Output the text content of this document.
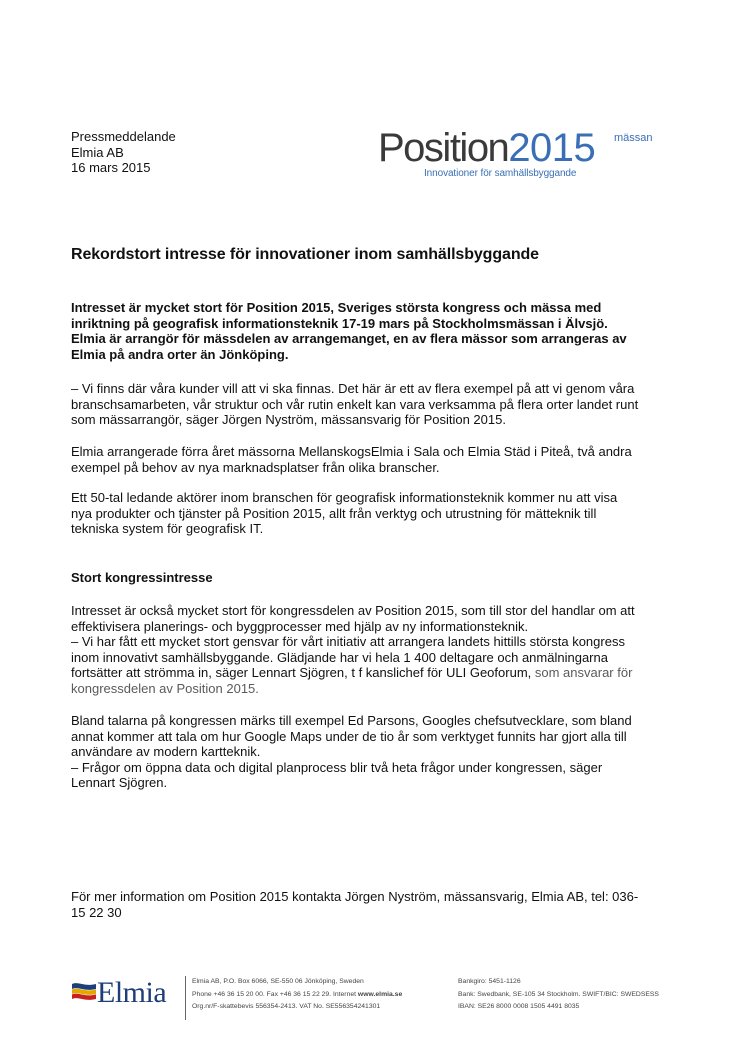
Pressmeddelande
Elmia AB
16 mars 2015	Position2015 mässan
Innovationer för samhällsbyggande
Rekordstort intresse för innovationer inom samhällsbyggande
Intresset är mycket stort för Position 2015, Sveriges största kongress och mässa med
inriktning på geografisk informationsteknik 17-19 mars på Stockholmsmässan i Älvsjö.
Elmia är arrangör för mässdelen av arrangemanget, en av flera mässor som arrangeras av
Elmia på andra orter än Jönköping.
– Vi finns där våra kunder vill att vi ska finnas. Det här är ett av flera exempel på att vi genom våra
branschsamarbeten, vår struktur och vår rutin enkelt kan vara verksamma på flera orter landet runt
som mässarrangör, säger Jörgen Nyström, mässansvarig för Position 2015.
Elmia arrangerade förra året mässorna MellanskogsElmia i Sala och Elmia Städ i Piteå, två andra
exempel på behov av nya marknadsplatser från olika branscher.
Ett 50-tal ledande aktörer inom branschen för geografisk informationsteknik kommer nu att visa
nya produkter och tjänster på Position 2015, allt från verktyg och utrustning för mätteknik till
tekniska system för geografisk IT.
Stort kongressintresse
Intresset är också mycket stort för kongressdelen av Position 2015, som till stor del handlar om att
effektivisera planerings- och byggprocesser med hjälp av ny informationsteknik.
– Vi har fått ett mycket stort gensvar för vårt initiativ att arrangera landets hittills största kongress
inom innovativt samhällsbyggande. Glädjande har vi hela 1 400 deltagare och anmälningarna
fortsätter att strömma in, säger Lennart Sjögren, t f kanslichef för ULI Geoforum, som ansvarar för
kongressdelen av Position 2015.
Bland talarna på kongressen märks till exempel Ed Parsons, Googles chefsutvecklare, som bland
annat kommer att tala om hur Google Maps under de tio år som verktyget funnits har gjort alla till
användare av modern kartteknik.
– Frågor om öppna data och digital planprocess blir två heta frågor under kongressen, säger
Lennart Sjögren.
För mer information om Position 2015 kontakta Jörgen Nyström, mässansvarig, Elmia AB, tel: 036-
15 22 30
Elmia	Elmia AB, P.O. Box 6066, SE-550 06 Jönköping, Sweden
Phone +46 36 15 20 00. Fax +46 36 15 22 29. Internet www.elmia.se
Org.nr/F-skattebevis 556354-2413. VAT No. SE556354241301
Bankgiro: 5451-1126
Bank: Swedbank, SE-105 34 Stockholm. SWIFT/BIC: SWEDSESS
IBAN: SE26 8000 0008 1505 4491 8035
